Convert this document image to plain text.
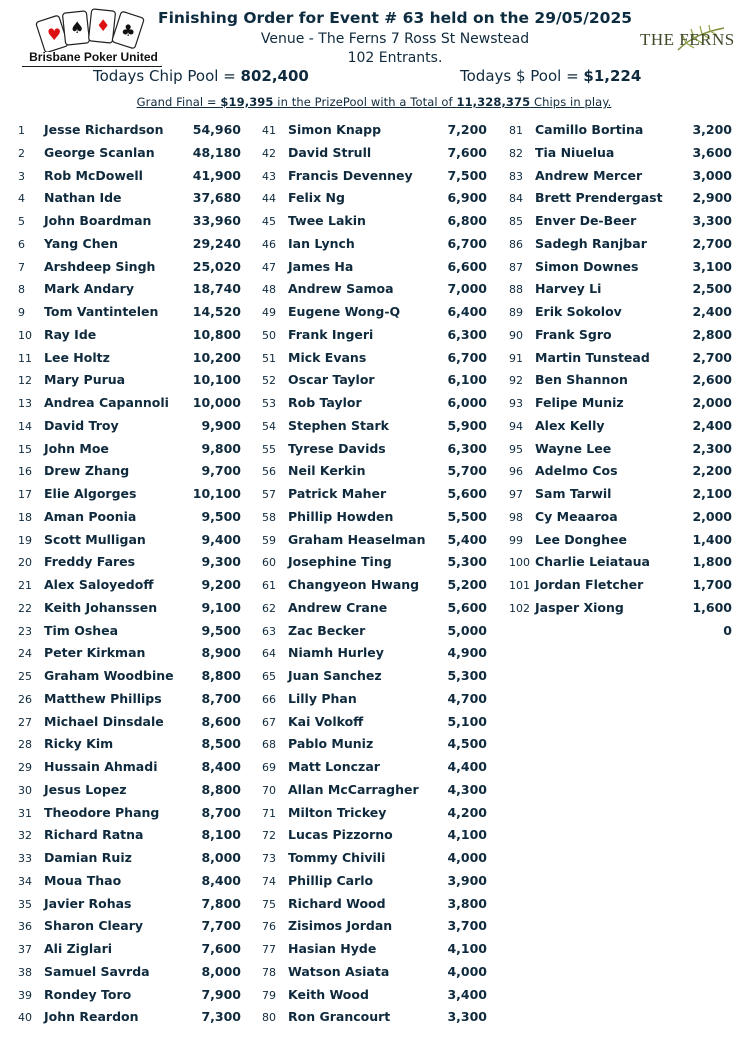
♥ ♠ ♦ ♣
Brisbane Poker United
THE FERNS
Finishing Order for Event # 63 held on the 29/05/2025
Venue - The Ferns 7 Ross St Newstead
102 Entrants.
Todays Chip Pool = 802,400	Todays $ Pool = $1,224
Grand Final = $19,395 in the PrizePool with a Total of 11,328,375 Chips in play.
1 Jesse Richardson 54,960
2 George Scanlan	48,180
3 Rob McDowell	41,900
4 Nathan Ide	37,680
5 John Boardman	33,960
6 Yang Chen	29,240
7 Arshdeep Singh	25,020
8 Mark Andary	18,740
9 Tom Vantintelen	14,520
10 Ray Ide	10,800
11 Lee Holtz	10,200
12 Mary Purua	10,100
13 Andrea Capannoli 10,000
14 David Troy	9,900
15 John Moe	9,800
16 Drew Zhang	9,700
17 Elie Algorges	10,100
18 Aman Poonia	9,500
19 Scott Mulligan	9,400
20 Freddy Fares	9,300
21 Alex Saloyedoff	9,200
22 Keith Johanssen	9,100
23 Tim Oshea	9,500
24 Peter Kirkman	8,900
25 Graham Woodbine 8,800
26 Matthew Phillips	8,700
27 Michael Dinsdale	8,600
28 Ricky Kim	8,500
29 Hussain Ahmadi	8,400
30 Jesus Lopez	8,800
31 Theodore Phang	8,700
32 Richard Ratna	8,100
33 Damian Ruiz	8,000
34 Moua Thao	8,400
35 Javier Rohas	7,800
36 Sharon Cleary	7,700
37 Ali Ziglari	7,600
38 Samuel Savrda	8,000
39 Rondey Toro	7,900
40 John Reardon	7,300
41 Simon Knapp	7,200
42 David Strull	7,600
43 Francis Devenney	7,500
44 Felix Ng	6,900
45 Twee Lakin	6,800
46 Ian Lynch	6,700
47 James Ha	6,600
48 Andrew Samoa	7,000
49 Eugene Wong-Q	6,400
50 Frank Ingeri	6,300
51 Mick Evans	6,700
52 Oscar Taylor	6,100
53 Rob Taylor	6,000
54 Stephen Stark	5,900
55 Tyrese Davids	6,300
56 Neil Kerkin	5,700
57 Patrick Maher	5,600
58 Phillip Howden	5,500
59 Graham Heaselman 5,400
60 Josephine Ting	5,300
61 Changyeon Hwang 5,200
62 Andrew Crane	5,600
63 Zac Becker	5,000
64 Niamh Hurley	4,900
65 Juan Sanchez	5,300
66 Lilly Phan	4,700
67 Kai Volkoff	5,100
68 Pablo Muniz	4,500
69 Matt Lonczar	4,400
70 Allan McCarragher 4,300
71 Milton Trickey	4,200
72 Lucas Pizzorno	4,100
73 Tommy Chivili	4,000
74 Phillip Carlo	3,900
75 Richard Wood	3,800
76 Zisimos Jordan	3,700
77 Hasian Hyde	4,100
78 Watson Asiata	4,000
79 Keith Wood	3,400
80 Ron Grancourt	3,300
81 Camillo Bortina	3,200
82 Tia Niuelua	3,600
83 Andrew Mercer	3,000
84 Brett Prendergast 2,900
85 Enver De-Beer	3,300
86 Sadegh Ranjbar	2,700
87 Simon Downes	3,100
88 Harvey Li	2,500
89 Erik Sokolov	2,400
90 Frank Sgro	2,800
91 Martin Tunstead	2,700
92 Ben Shannon	2,600
93 Felipe Muniz	2,000
94 Alex Kelly	2,400
95 Wayne Lee	2,300
96 Adelmo Cos	2,200
97 Sam Tarwil	2,100
98 Cy Meaaroa	2,000
99 Lee Donghee	1,400
100 Charlie Leiataua	1,800
101 Jordan Fletcher	1,700
102 Jasper Xiong	1,600
0
